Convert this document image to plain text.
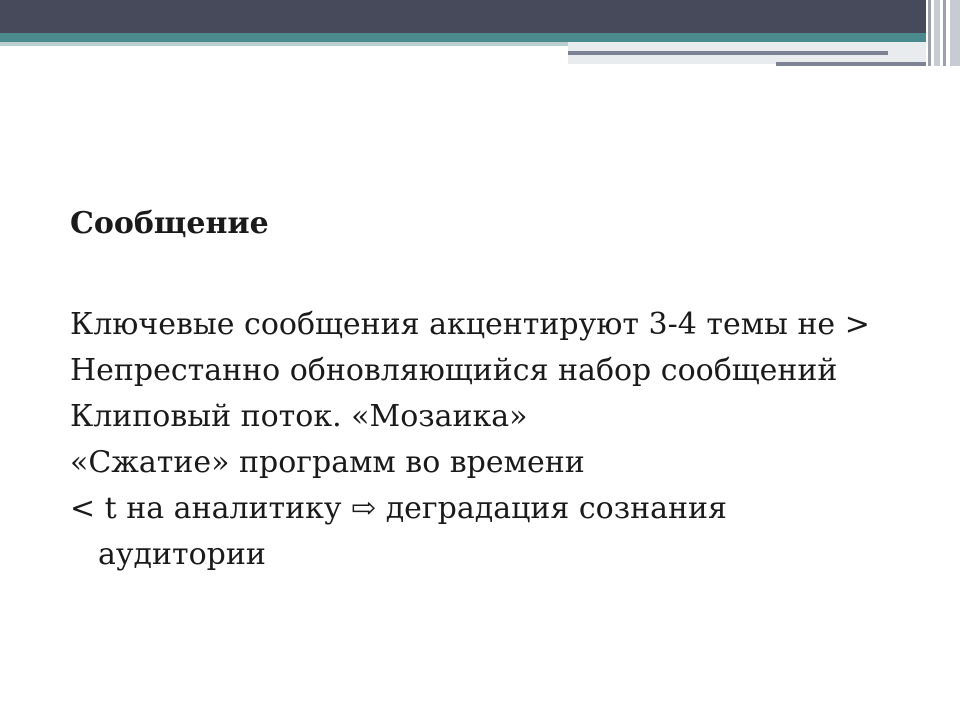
Сообщение
Ключевые сообщения акцентируют 3-4 темы не >
Непрестанно обновляющийся набор сообщений
Клиповый поток. «Мозаика»
«Сжатие» программ во времени
< t на аналитику ⇨ деградация сознания аудитории
